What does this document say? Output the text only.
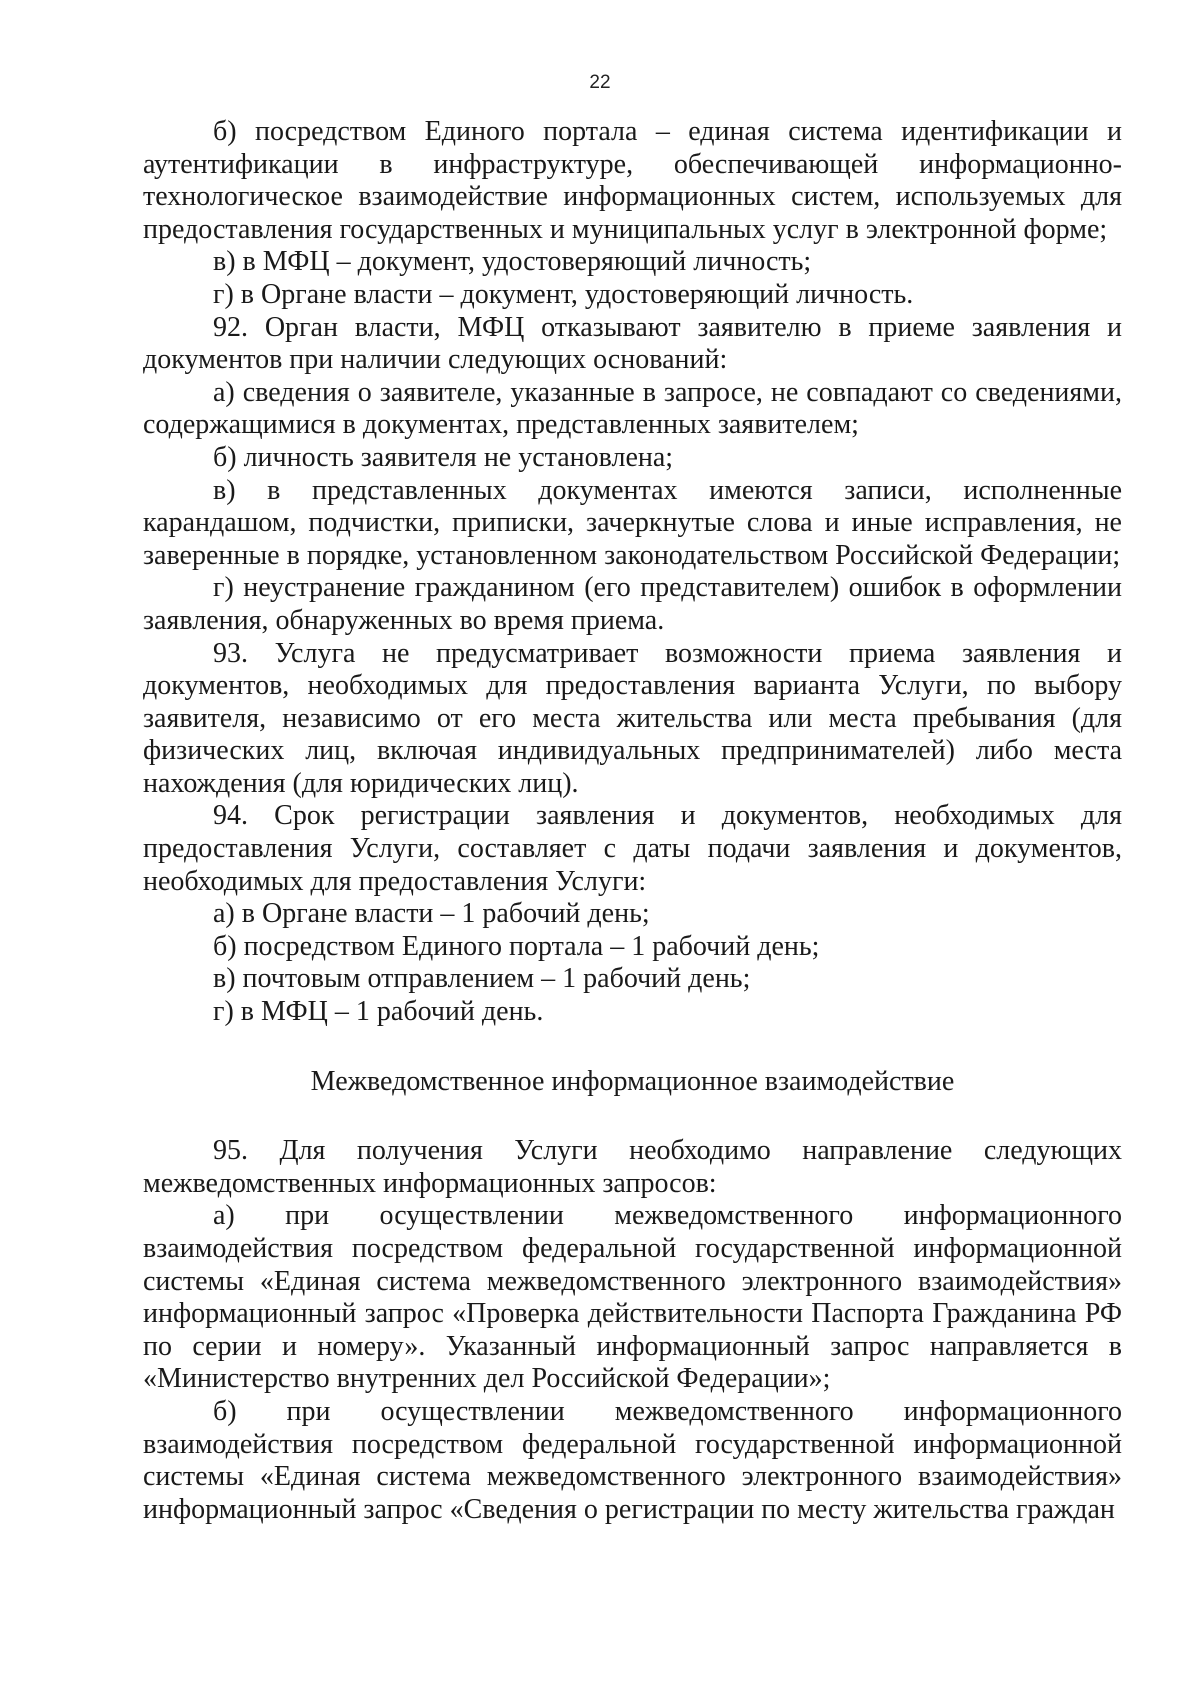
22

б) посредством Единого портала – единая система идентификации и аутентификации в инфраструктуре, обеспечивающей информационно-технологическое взаимодействие информационных систем, используемых для предоставления государственных и муниципальных услуг в электронной форме;

в) в МФЦ – документ, удостоверяющий личность;

г) в Органе власти – документ, удостоверяющий личность.

92. Орган власти, МФЦ отказывают заявителю в приеме заявления и документов при наличии следующих оснований:

а) сведения о заявителе, указанные в запросе, не совпадают со сведениями, содержащимися в документах, представленных заявителем;

б) личность заявителя не установлена;

в) в представленных документах имеются записи, исполненные карандашом, подчистки, приписки, зачеркнутые слова и иные исправления, не заверенные в порядке, установленном законодательством Российской Федерации;

г) неустранение гражданином (его представителем) ошибок в оформлении заявления, обнаруженных во время приема.

93. Услуга не предусматривает возможности приема заявления и документов, необходимых для предоставления варианта Услуги, по выбору заявителя, независимо от его места жительства или места пребывания (для физических лиц, включая индивидуальных предпринимателей) либо места нахождения (для юридических лиц).

94. Срок регистрации заявления и документов, необходимых для предоставления Услуги, составляет с даты подачи заявления и документов, необходимых для предоставления Услуги:

а) в Органе власти – 1 рабочий день;

б) посредством Единого портала – 1 рабочий день;

в) почтовым отправлением – 1 рабочий день;

г) в МФЦ – 1 рабочий день.

Межведомственное информационное взаимодействие

95. Для получения Услуги необходимо направление следующих межведомственных информационных запросов:

а) при осуществлении межведомственного информационного взаимодействия посредством федеральной государственной информационной системы «Единая система межведомственного электронного взаимодействия» информационный запрос «Проверка действительности Паспорта Гражданина РФ по серии и номеру». Указанный информационный запрос направляется в «Министерство внутренних дел Российской Федерации»;

б) при осуществлении межведомственного информационного взаимодействия посредством федеральной государственной информационной системы «Единая система межведомственного электронного взаимодействия» информационный запрос «Сведения о регистрации по месту жительства граждан
